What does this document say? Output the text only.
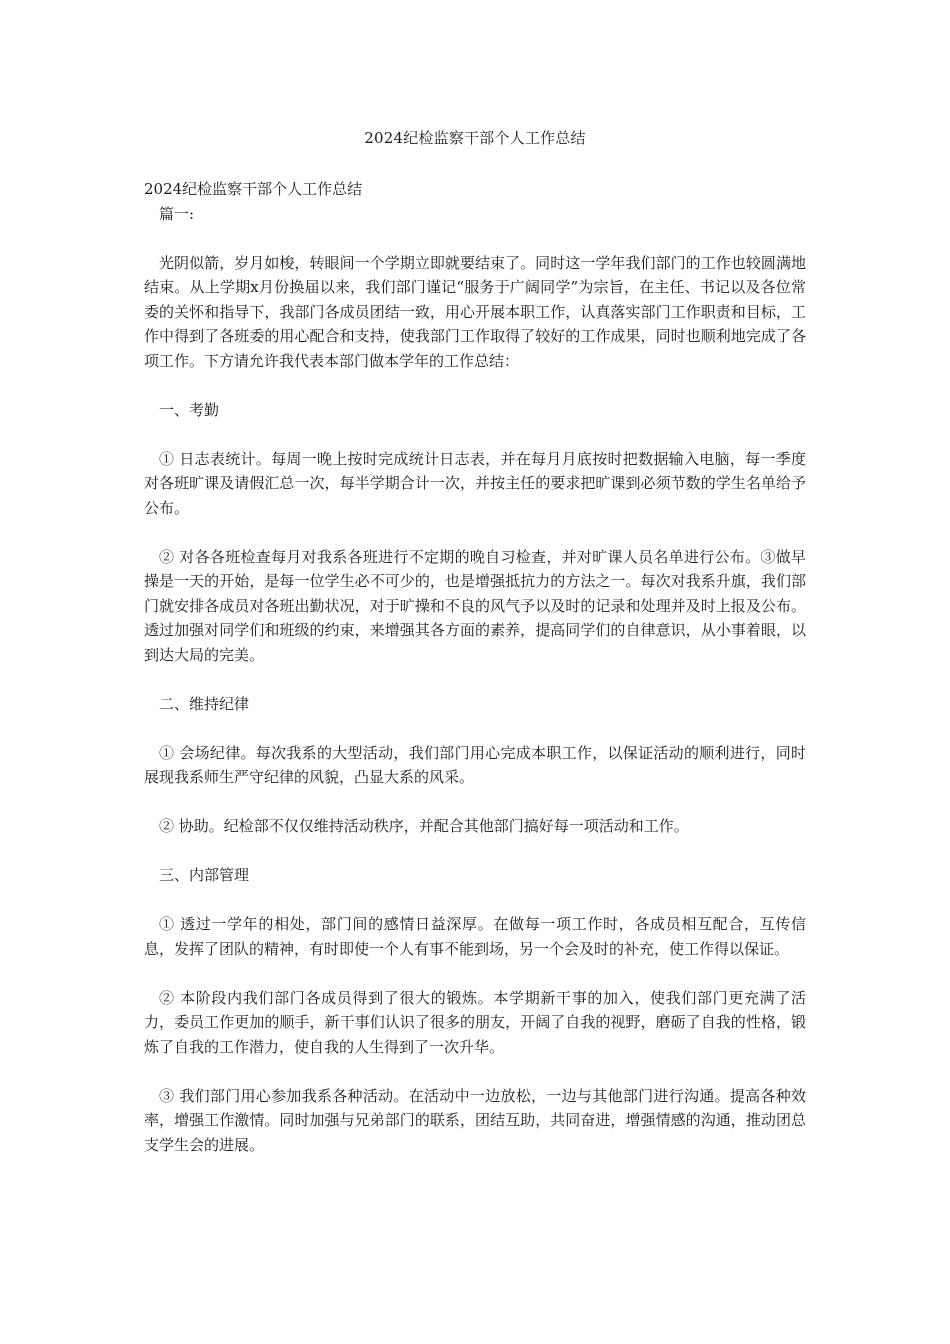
2024纪检监察干部个人工作总结

2024纪检监察干部个人工作总结

篇一:

光阴似箭，岁月如梭，转眼间一个学期立即就要结束了。同时这一学年我们部门的工作也较圆满地结束。从上学期x月份换届以来，我们部门谨记“服务于广阔同学”为宗旨，在主任、书记以及各位常委的关怀和指导下，我部门各成员团结一致，用心开展本职工作，认真落实部门工作职责和目标，工作中得到了各班委的用心配合和支持，使我部门工作取得了较好的工作成果，同时也顺利地完成了各项工作。下方请允许我代表本部门做本学年的工作总结：

一、考勤

① 日志表统计。每周一晚上按时完成统计日志表，并在每月月底按时把数据输入电脑，每一季度对各班旷课及请假汇总一次，每半学期合计一次，并按主任的要求把旷课到必须节数的学生名单给予公布。

② 对各各班检查每月对我系各班进行不定期的晚自习检查，并对旷课人员名单进行公布。③做早操是一天的开始，是每一位学生必不可少的，也是增强抵抗力的方法之一。每次对我系升旗，我们部门就安排各成员对各班出勤状况，对于旷操和不良的风气予以及时的记录和处理并及时上报及公布。透过加强对同学们和班级的约束，来增强其各方面的素养，提高同学们的自律意识，从小事着眼，以到达大局的完美。

二、维持纪律

① 会场纪律。每次我系的大型活动，我们部门用心完成本职工作，以保证活动的顺利进行，同时展现我系师生严守纪律的风貌，凸显大系的风采。

② 协助。纪检部不仅仅维持活动秩序，并配合其他部门搞好每一项活动和工作。

三、内部管理

① 透过一学年的相处，部门间的感情日益深厚。在做每一项工作时，各成员相互配合，互传信息，发挥了团队的精神，有时即使一个人有事不能到场，另一个会及时的补充，使工作得以保证。

② 本阶段内我们部门各成员得到了很大的锻炼。本学期新干事的加入，使我们部门更充满了活力，委员工作更加的顺手，新干事们认识了很多的朋友，开阔了自我的视野，磨砺了自我的性格，锻炼了自我的工作潜力，使自我的人生得到了一次升华。

③ 我们部门用心参加我系各种活动。在活动中一边放松，一边与其他部门进行沟通。提高各种效率，增强工作激情。同时加强与兄弟部门的联系，团结互助，共同奋进，增强情感的沟通，推动团总支学生会的进展。
